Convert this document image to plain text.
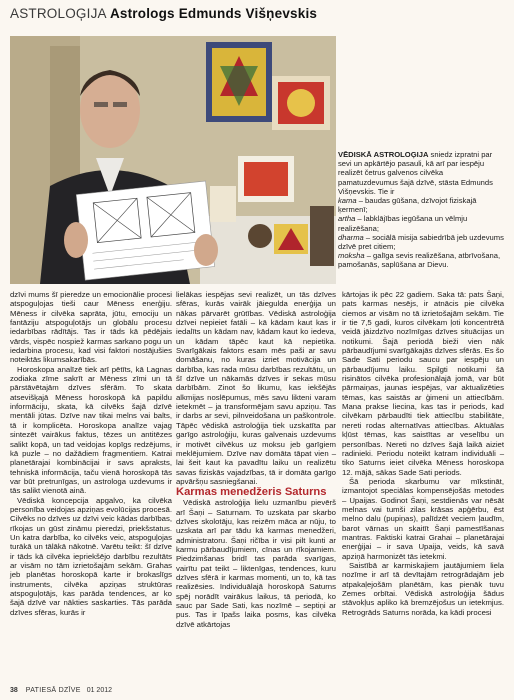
ASTROLOĢIJA Astrologs Edmunds Višņevskis

VĒDISKĀ ASTROLOĢIJA sniedz izpratni par sevi un apkārtējo pasauli, kā arī par iespēju realizēt četrus galvenos cilvēka pamatuzdevumus šajā dzīvē, stāsta Edmunds Višņevskis. Tie ir

kama – baudas gūšana, dzīvojot fiziskajā ķermenī;

artha – labklājības iegūšana un vēlmju realizēšana;

dharma – sociālā misija sabiedrībā jeb uzdevums dzīvē pret citiem;

moksha – galīga sevis realizēšana, atbrīvošana, pamošanās, saplūšana ar Dievu.

dzīvi mums šī pieredze un emocionālie procesi atspoguļojas tieši caur Mēness enerģiju. Mēness ir cilvēka saprāta, jūtu, emociju un fantāziju atspoguļotājs un globālu procesu iedarbības rādītājs. Tas ir tāds kā pēdējais vārds, vispēc nospiež karmas sarkano pogu un iedarbina procesu, kad visi faktori nostājušies noteiktās likumsakarībās.

Horoskopa analīzē tiek arī pētīts, kā Lagnas zodiaka zīme sakrīt ar Mēness zīmi un tā pārstāvētajām dzīves sfērām. To skata atsevišķajā Mēness horoskopā kā papildu informāciju, skata, kā cilvēks šajā dzīvē mentāli jūtas. Dzīve nav tikai melns vai balts, tā ir komplicēta. Horoskopa analīze vajag sintezēt vairākus faktus, tēzes un antitēzes salikt kopā, un tad veidojas kopīgs redzējums, kā puzle – no dažādiem fragmentiem. Katrai planetārajai kombinācijai ir savs apraksts, tehniskā informācija, taču vienā horoskopā tās var būt pretrunīgas, un astrologa uzdevums ir tās salikt vienotā ainā.

Vēdiskā koncepcija apgalvo, ka cilvēka personība veidojas apziņas evolūcijas procesā. Cilvēks no dzīves uz dzīvi veic kādas darbības, rīkojas un gūst zināmu pieredzi, priekšstatus. Un katra darbība, ko cilvēks veic, atspoguļojas turākā un tālākā nākotnē. Varētu teikt: šī dzīve ir tāds kā cilvēka iepriekšējo darbību rezultāts ar visām no tām izrietošajām sekām. Grahas jeb planētas horoskopā karte ir brokaslīgs instruments, cilvēka apziņas struktūras atspoguļotājs, kas parāda tendences, ar ko šajā dzīvē var nākties saskarties. Tās parāda dzīves sfēras, kurās ir

lielākas iespējas sevi realizēt, un tās dzīves sfēras, kurās vairāk jāiegulda enerģija un nākas pārvarēt grūtības. Vēdiskā astroloģija dzīvei nepieiet fatāli – kā kādam kaut kas ir iedalīts un kādam nav, kādam kaut ko iedeva, un kādam tāpēc kaut kā nepietika. Svarīgākais faktors esam mēs paši ar savu domāšanu, no kuras izriet motivācija un darbība, kas rada mūsu darbības rezultātu, un šī dzīve un nākamās dzīves ir sekas mūsu darbībām. Zinot šo likumu, kas iekšējās alkmijas noslēpumus, mēs savu likteni varam ietekmēt – ja transformējam savu apziņu. Tas ir darbs ar sevi, pilnveidošana un paškontrole. Tāpēc vēdiskā astroloģija tiek uzskatīta par garīgo astroloģiju, kuras galvenais uzdevums ir motivēt cilvēkus uz moksu jeb garīgiem meklējumiem. Dzīve nav domāta tāpat vien – lai šeit kaut ka pavadītu laiku un realizētu savas fiziskās vajadzības, tā ir domāta garīgo apvāršņu sasniegšanai.

Karmas menedžeris Saturns

Vēdiskā astroloģija lielu uzmanību pievērš arī Šaņi – Saturnam. To uzskata par skarbo dzīves skolotāju, kas reizēm māca ar nūju, to uzskata arī par tādu kā karmas menedžeri, administratoru. Šaņi ričība ir visi pilt kunti ar karmu pārbaudījumiem, cīnas un rīkojamiem. Piedzimšanas bridī tas parāda svarīgas, vairītu pat teikt – liktenīgas, tendences, kuru dzīves sfērā ir karmas momenti, un to, kā tas realizēsies. Individuālajā horoskopā Saturns spēj norādīt vairākus laikus, tā periodā, ko sauc par Sade Sati, kas nozīmē – septiņi ar pus. Tas ir īpašs laika posms, kas cilvēka dzīvē atkārtojas

kārtojas ik pēc 22 gadiem. Saka tā: pats Šaņi, pats karmas nesējs, ir atnācis pie cilvēka ciemos ar visām no tā izrietošajām sekām. Tie ir tie 7,5 gadi, kuros cilvēkam ļoti koncentrētā veidā jāizdzīvo nozīmīgas dzīves situācijas un notikumi. Šajā periodā bieži vien nāk pārbaudījumi svarīgākajās dzīves sfērās. Es šo Sade Sati periodu saucu par iespēju un pārbaudījumu laiku. Spilgti notikumi šā risinātos cilvēka profesionālajā jomā, var būt pārmaiņas, jaunas iespējas, var aktualizēties tēmas, kas saistās ar ģimeni un attiecībām. Mana prakse liecina, kas tas ir periods, kad cilvēkam pārbaudīti tiek attiecību stabilitāte, nereti rodas alternatīvas attiecības. Aktuālas kļūst tēmas, kas saistītas ar veselību un personības. Nereti no dzīves šajā laikā aiziet radinieki. Periodu noteikt katram individuāli – tiko Saturns ieiet cilvēka Mēness horoskopa 12. mājā, sākas Sade Sati periods.

Šā perioda skarbumu var mīkstināt, izmantojot speciālas kompensējošās metodes – Upaijas. Godinot Šaņi, sestdienās var nēsāt melnas vai tumši zilas krāsas apģērbu, ēst melno dalu (pupiņas), palīdzēt veciem ļaudīm, barot vārnas un skaitīt Šaņi pamestīšanas mantras. Faktiski katrai Grahai – planetārajai enerģijai – ir sava Upaija, veids, kā savā apziņā harmonizēt tās ietekmi.

Saistībā ar karmiskajiem jautājumiem liela nozīme ir arī tā devītajām retrogrādajām jeb atpakaļejošām planētām, kas pienāk tuvu Zemes orbītai. Vēdiskā astroloģija šādus stāvokļus apliko kā bremzējošus un ietekmjus. Retrogrāds Saturns norāda, ka kādi procesi

38 PATIESĀ DZĪVE 01 2012
